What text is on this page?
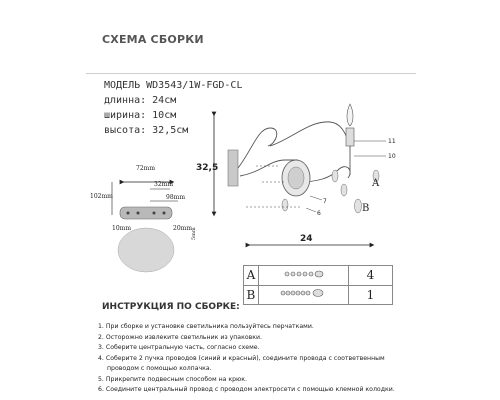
СХЕМА СБОРКИ
МОДЕЛЬ WD3543/1W-FGD-CL
длинна: 24см
ширина: 10см
высота: 32,5см
72mm
32mm
98mm
102mm
10mm	20mm
5mm
32,5
11
10
7
6
A
B
24
A		4
B		1
ИНСТРУКЦИЯ ПО СБОРКЕ:
1. При сборке и установке светильника пользуйтесь перчатками.
2. Осторожно извлеките светильник из упаковки.
3. Соберите центральную часть, согласно схеме.
4. Соберите 2 пучка проводов (синий и красный), соедините провода с соответвенным
проводом с помощью колпачка.
5. Прикрепите подвесным способом на крюк.
6. Соедините центральный провод с проводом электросети с помощью клемной колодки.
